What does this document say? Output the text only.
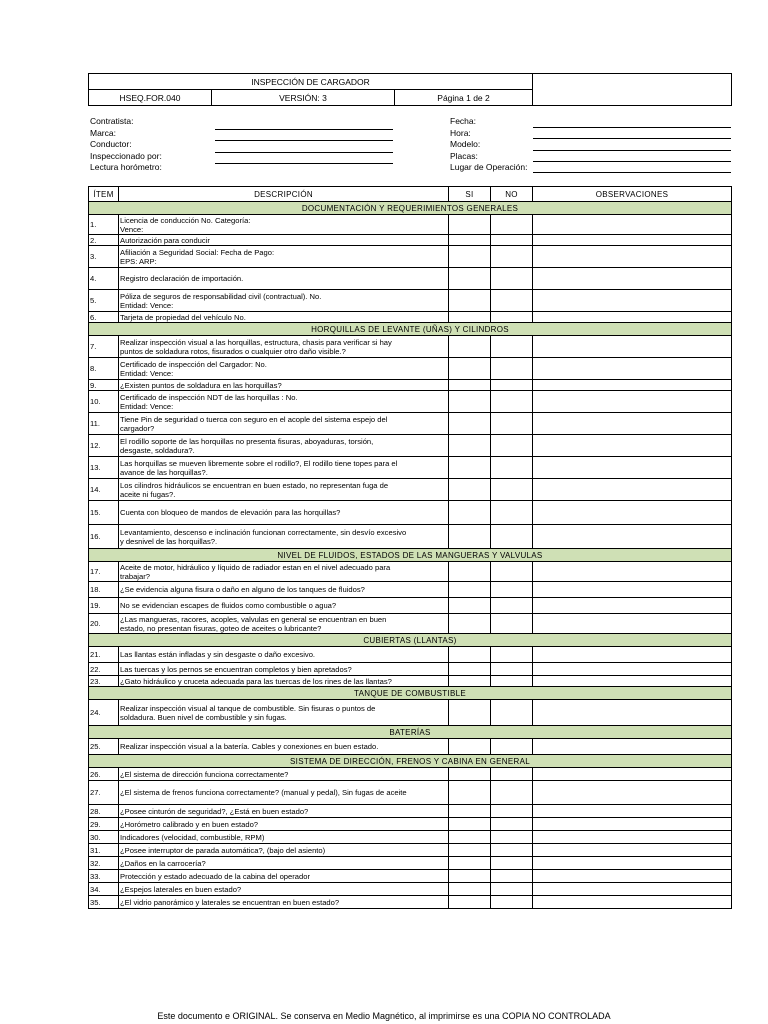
INSPECCIÓN DE CARGADOR			
HSEQ.FOR.040	VERSIÓN: 3	Página 1 de 2	
Contratista:
Marca:
Conductor:
Inspeccionado por:
Lectura horómetro:
Fecha:
Hora:
Modelo:
Placas:
Lugar de Operación:
ÍTEM	DESCRIPCIÓN	SI	NO	OBSERVACIONES
DOCUMENTACIÓN Y REQUERIMIENTOS GENERALES				
1.	Licencia de conducción No. Categoría:
Vence:			
2.	Autorización para conducir			
3.	Afiliación a Seguridad Social: Fecha de Pago:
EPS: ARP:			
4.	Registro declaración de importación.			
5.	Póliza de seguros de responsabilidad civil (contractual). No.
Entidad: Vence:			
6.	Tarjeta de propiedad del vehículo No.			
HORQUILLAS DE LEVANTE (UÑAS) Y CILINDROS				
7.	Realizar inspección visual a las horquillas, estructura, chasis para verificar si hay
puntos de soldadura rotos, fisurados o cualquier otro daño visible.?			
8.	Certificado de inspección del Cargador: No.
Entidad: Vence:			
9.	¿Existen puntos de soldadura en las horquillas?			
10.	Certificado de inspección NDT de las horquillas : No.
Entidad: Vence:			
11.	Tiene Pin de seguridad o tuerca con seguro en el acople del sistema espejo del
cargador?			
12.	El rodillo soporte de las horquillas no presenta fisuras, aboyaduras, torsión,
desgaste, soldadura?.			
13.	Las horquillas se mueven libremente sobre el rodillo?, El rodillo tiene topes para el
avance de las horquillas?.			
14.	Los cilindros hidráulicos se encuentran en buen estado, no representan fuga de
aceite ni fugas?.			
15.	Cuenta con bloqueo de mandos de elevación para las horquillas?			
16.	Levantamiento, descenso e inclinación funcionan correctamente, sin desvío excesivo
y desnivel de las horquillas?.			
NIVEL DE FLUIDOS, ESTADOS DE LAS MANGUERAS Y VALVULAS				
17.	Aceite de motor, hidráulico y líquido de radiador estan en el nivel adecuado para
trabajar?			
18.	¿Se evidencia alguna fisura o daño en alguno de los tanques de fluidos?			
19.	No se evidencian escapes de fluidos como combustible o agua?			
20.	¿Las mangueras, racores, acoples, valvulas en general se encuentran en buen
estado, no presentan fisuras, goteo de aceites o lubricante?			
CUBIERTAS (LLANTAS)				
21.	Las llantas están infladas y sin desgaste o daño excesivo.			
22.	Las tuercas y los pernos se encuentran completos y bien apretados?			
23.	¿Gato hidráulico y cruceta adecuada para las tuercas de los rines de las llantas?			
TANQUE DE COMBUSTIBLE				
24.	Realizar inspección visual al tanque de combustible. Sin fisuras o puntos de
soldadura. Buen nivel de combustible y sin fugas.			
BATERÍAS				
25.	Realizar inspección visual a la batería. Cables y conexiones en buen estado.			
SISTEMA DE DIRECCIÓN, FRENOS Y CABINA EN GENERAL				
26.	¿El sistema de dirección funciona correctamente?			
27.	¿El sistema de frenos funciona correctamente? (manual y pedal), Sin fugas de aceite			
28.	¿Posee cinturón de seguridad?, ¿Está en buen estado?			
29.	¿Horómetro calibrado y en buen estado?			
30.	Indicadores (velocidad, combustible, RPM)			
31.	¿Posee interruptor de parada automática?, (bajo del asiento)			
32.	¿Daños en la carrocería?			
33.	Protección y estado adecuado de la cabina del operador			
34.	¿Espejos laterales en buen estado?			
35.	¿El vidrio panorámico y laterales se encuentran en buen estado?			
Este documento e ORIGINAL. Se conserva en Medio Magnético, al imprimirse es una COPIA NO CONTROLADA
